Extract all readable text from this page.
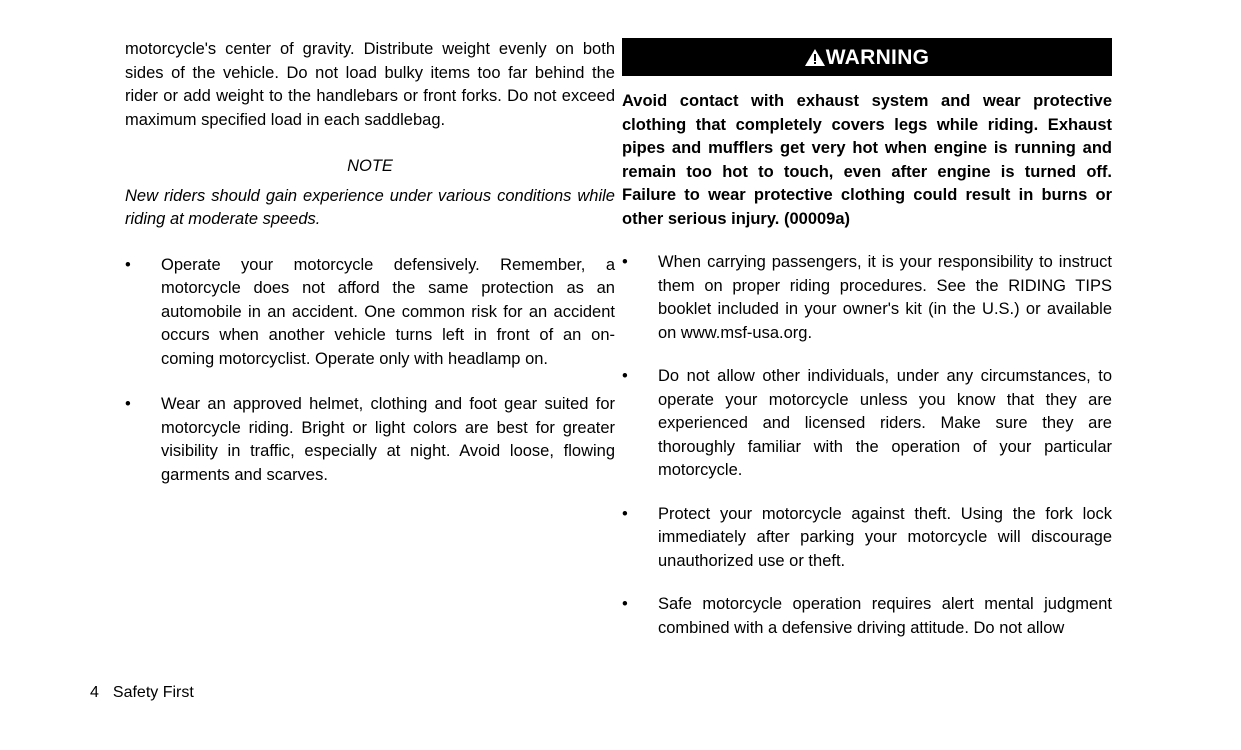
motorcycle's center of gravity. Distribute weight evenly on both sides of the vehicle. Do not load bulky items too far behind the rider or add weight to the handlebars or front forks. Do not exceed maximum specified load in each saddlebag.

NOTE

New riders should gain experience under various conditions while riding at moderate speeds.

• Operate your motorcycle defensively. Remember, a motorcycle does not afford the same protection as an automobile in an accident. One common risk for an accident occurs when another vehicle turns left in front of an on-coming motorcyclist. Operate only with headlamp on.
• Wear an approved helmet, clothing and foot gear suited for motorcycle riding. Bright or light colors are best for greater visibility in traffic, especially at night. Avoid loose, flowing garments and scarves.
WARNING

Avoid contact with exhaust system and wear protective clothing that completely covers legs while riding. Exhaust pipes and mufflers get very hot when engine is running and remain too hot to touch, even after engine is turned off. Failure to wear protective clothing could result in burns or other serious injury. (00009a)

• When carrying passengers, it is your responsibility to instruct them on proper riding procedures. See the RIDING TIPS booklet included in your owner's kit (in the U.S.) or available on www.msf-usa.org.
• Do not allow other individuals, under any circumstances, to operate your motorcycle unless you know that they are experienced and licensed riders. Make sure they are thoroughly familiar with the operation of your particular motorcycle.
• Protect your motorcycle against theft. Using the fork lock immediately after parking your motorcycle will discourage unauthorized use or theft.
• Safe motorcycle operation requires alert mental judgment combined with a defensive driving attitude. Do not allow
4 Safety First
